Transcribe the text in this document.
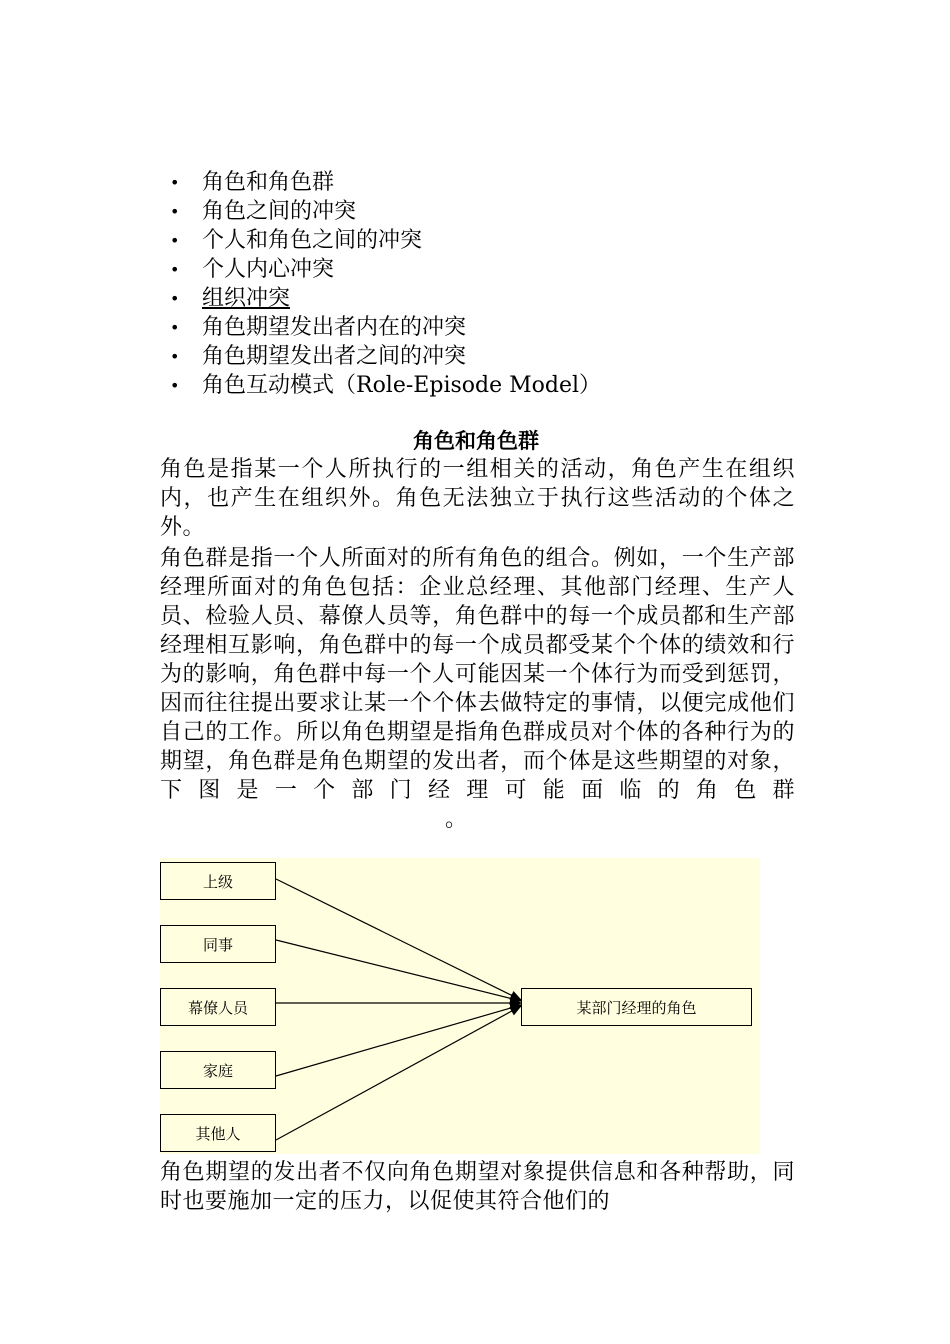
• 角色和角色群
• 角色之间的冲突
• 个人和角色之间的冲突
• 个人内心冲突
• 组织冲突
• 角色期望发出者内在的冲突
• 角色期望发出者之间的冲突
• 角色互动模式（Role-Episode Model）
角色和角色群
角色是指某一个人所执行的一组相关的活动，角色产生在组织内，也产生在组织外。角色无法独立于执行这些活动的个体之外。
角色群是指一个人所面对的所有角色的组合。例如，一个生产部经理所面对的角色包括：企业总经理、其他部门经理、生产人员、检验人员、幕僚人员等，角色群中的每一个成员都和生产部经理相互影响，角色群中的每一个成员都受某个个体的绩效和行为的影响，角色群中每一个人可能因某一个体行为而受到惩罚，因而往往提出要求让某一个个体去做特定的事情，以便完成他们自己的工作。所以角色期望是指角色群成员对个体的各种行为的期望，角色群是角色期望的发出者，而个体是这些期望的对象，下图是一个部门经理可能面临的角色群。
上级
同事
幕僚人员
家庭
其他人
某部门经理的角色
角色期望的发出者不仅向角色期望对象提供信息和各种帮助，同时也要施加一定的压力，以促使其符合他们的
